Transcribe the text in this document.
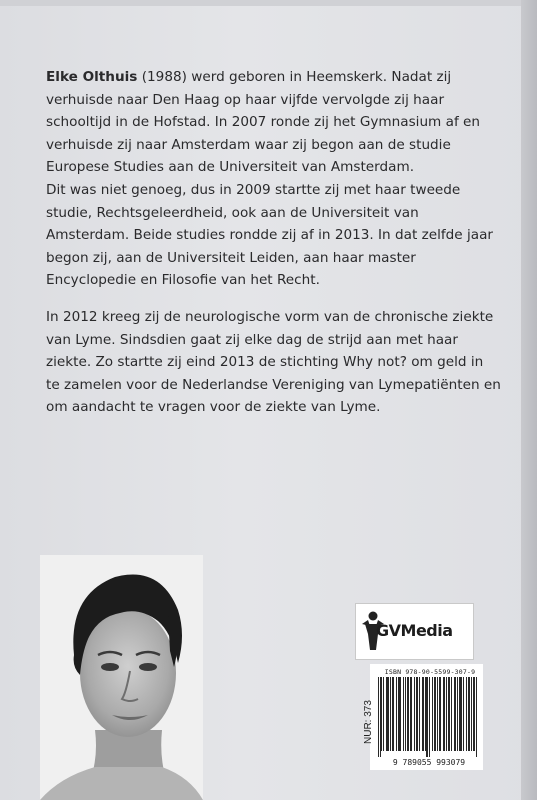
Elke Olthuis (1988) werd geboren in Heemskerk. Nadat zij verhuisde naar Den Haag op haar vijfde vervolgde zij haar schooltijd in de Hofstad. In 2007 ronde zij het Gymnasium af en verhuisde zij naar Amsterdam waar zij begon aan de studie Europese Studies aan de Universiteit van Amsterdam.

Dit was niet genoeg, dus in 2009 startte zij met haar tweede studie, Rechtsgeleerdheid, ook aan de Universiteit van Amsterdam. Beide studies rondde zij af in 2013. In dat zelfde jaar begon zij, aan de Universiteit Leiden, aan haar master Encyclopedie en Filosofie van het Recht.

In 2012 kreeg zij de neurologische vorm van de chronische ziekte van Lyme. Sindsdien gaat zij elke dag de strijd aan met haar ziekte. Zo startte zij eind 2013 de stichting Why not? om geld in te zamelen voor de Nederlandse Vereniging van Lymepatiënten en om aandacht te vragen voor de ziekte van Lyme.

GVMedia
ISBN 978-90-5599-307-9
9 789055 993079
NUR: 373
